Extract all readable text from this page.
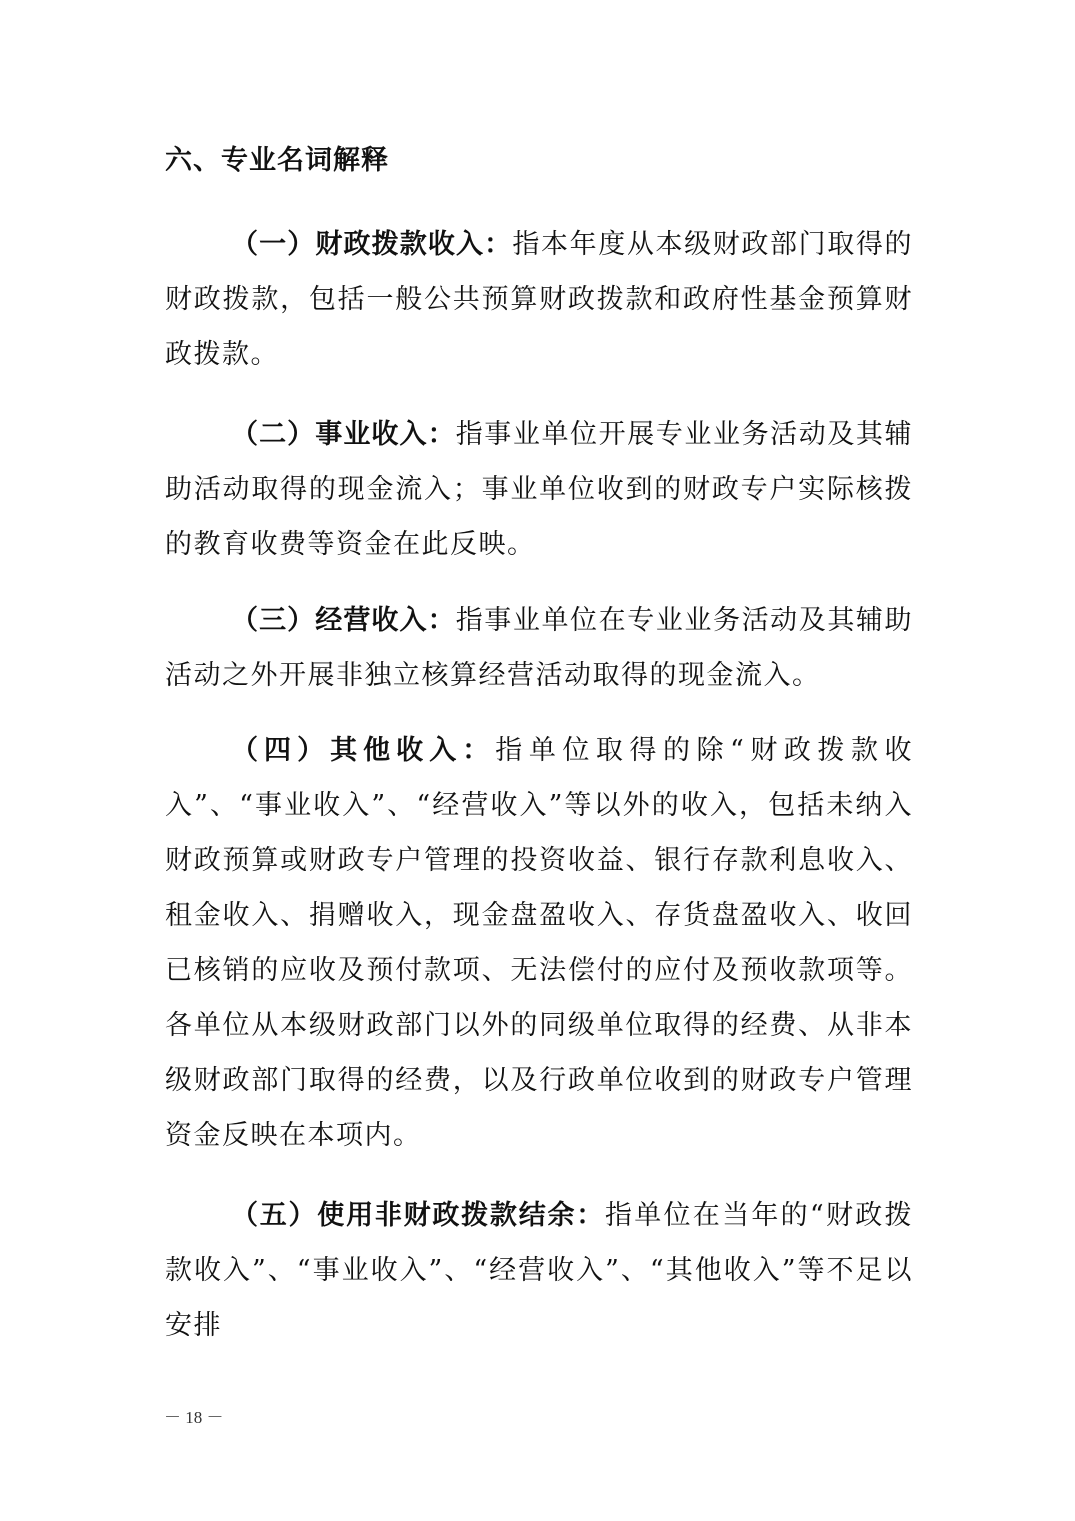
六、专业名词解释

（一）财政拨款收入：指本年度从本级财政部门取得的财政拨款，包括一般公共预算财政拨款和政府性基金预算财政拨款。

（二）事业收入：指事业单位开展专业业务活动及其辅助活动取得的现金流入；事业单位收到的财政专户实际核拨的教育收费等资金在此反映。

（三）经营收入：指事业单位在专业业务活动及其辅助活动之外开展非独立核算经营活动取得的现金流入。

（四）其他收入：指单位取得的除“财政拨款收入”、“事业收入”、“经营收入”等以外的收入，包括未纳入财政预算或财政专户管理的投资收益、银行存款利息收入、租金收入、捐赠收入，现金盘盈收入、存货盘盈收入、收回已核销的应收及预付款项、无法偿付的应付及预收款项等。各单位从本级财政部门以外的同级单位取得的经费、从非本级财政部门取得的经费，以及行政单位收到的财政专户管理资金反映在本项内。

（五）使用非财政拨款结余：指单位在当年的“财政拨款收入”、“事业收入”、“经营收入”、“其他收入”等不足以安排

－ 18 －
